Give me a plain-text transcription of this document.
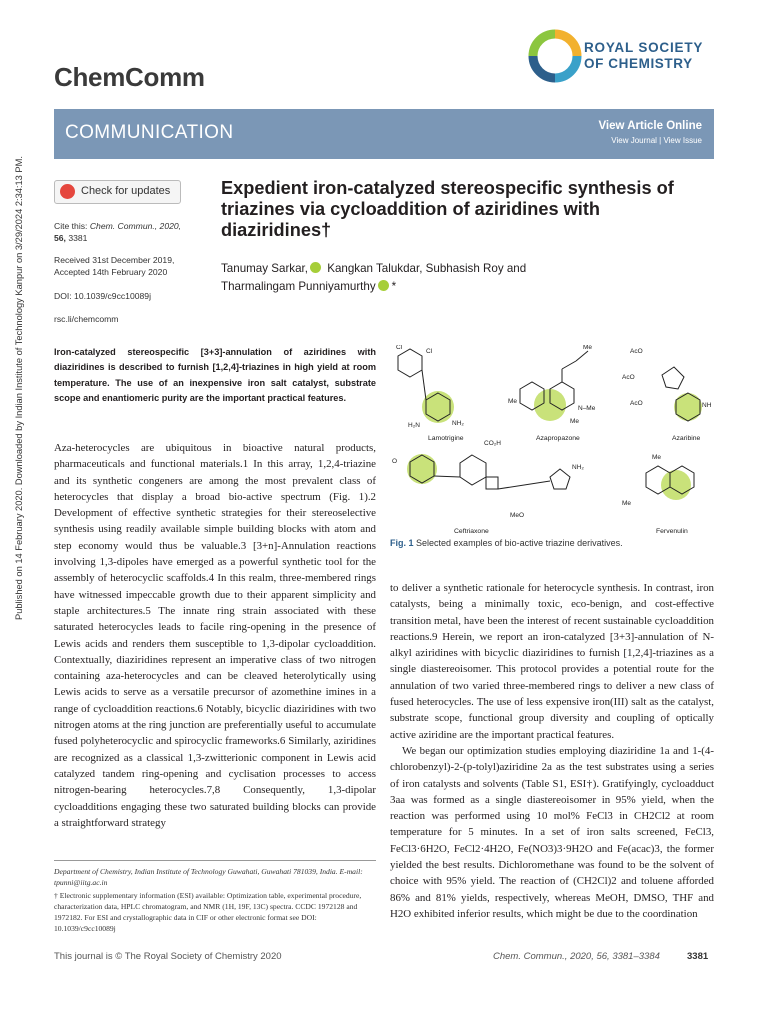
Published on 14 February 2020. Downloaded by Indian Institute of Technology Kanpur on 3/29/2024 2:34:13 PM.
ChemComm
ROYAL SOCIETY
OF CHEMISTRY
COMMUNICATION	View Article Online
View Journal | View Issue
Check for updates
Cite this: Chem. Commun., 2020,
56, 3381
Received 31st December 2019,
Accepted 14th February 2020
DOI: 10.1039/c9cc10089j
rsc.li/chemcomm
Expedient iron-catalyzed stereospecific synthesis of triazines via cycloaddition of aziridines with diaziridines†
Tanumay Sarkar, Kangkan Talukdar, Subhasish Roy and
Tharmalingam Punniyamurthy *
Iron-catalyzed stereospecific [3+3]-annulation of aziridines with diaziridines is described to furnish [1,2,4]-triazines in high yield at room temperature. The use of an inexpensive iron salt catalyst, substrate scope and enantiomeric purity are the important practical features.

Aza-heterocycles are ubiquitous in bioactive natural products, pharmaceuticals and functional materials.1 In this array, 1,2,4-triazine and its synthetic congeners are among the most prevalent class of heterocycles that display a broad bio-active spectrum (Fig. 1).2 Development of effective synthetic strategies for their stereoselective synthesis using readily available simple building blocks with atom and step economy would thus be valuable.3 [3+n]-Annulation reactions involving 1,3-dipoles have emerged as a powerful synthetic tool for the assembly of heterocyclic scaffolds.4 In this realm, three-membered rings have witnessed impeccable growth due to their apparent simplicity and staple architectures.5 The innate ring strain associated with these saturated heterocycles leads to facile ring-opening in the presence of Lewis acids and renders them susceptible to 1,3-dipolar cycloaddition. Contextually, diaziridines represent an imperative class of two nitrogen containing aza-heterocycles and can be cleaved heterolytically using Lewis acids to serve as a versatile precursor of azomethine imines in a range of cycloaddition reactions.6 Notably, bicyclic diaziridines with two nitrogen atoms at the ring junction are preferentially useful to accumulate fused polyheterocyclic and spirocyclic frameworks.6 Similarly, aziridines are recognized as a classical 1,3-zwitterionic component in Lewis acid catalyzed tandem ring-opening and cyclisation processes to access nitrogen-bearing heterocycles.7,8 Consequently, 1,3-dipolar cycloadditions engaging these two saturated building blocks can provide a straightforward strategy

to deliver a synthetic rationale for heterocycle synthesis. In contrast, iron catalysts, being a minimally toxic, eco-benign, and cost-effective transition metal, have been the interest of recent sustainable cycloaddition reactions.9 Herein, we report an iron-catalyzed [3+3]-annulation of N-alkyl aziridines with bicyclic diaziridines to furnish [1,2,4]-triazines as a single diastereoisomer. This protocol provides a potential route for the annulation of two varied three-membered rings to deliver a new class of fused heterocycles. The use of less expensive iron(III) salt as the catalyst, substrate scope, functional group diversity and coupling of optically active aziridine are the important practical features.

We began our optimization studies employing diaziridine 1a and 1-(4-chlorobenzyl)-2-(p-tolyl)aziridine 2a as the test substrates using a series of iron catalysts and solvents (Table S1, ESI†). Gratifyingly, cycloadduct 3aa was formed as a single diastereoisomer in 95% yield, when the reaction was performed using 10 mol% FeCl3 in CH2Cl2 at room temperature for 5 minutes. In a set of iron salts screened, FeCl3, FeCl3·6H2O, FeCl2·4H2O, Fe(NO3)3·9H2O and Fe(acac)3, the former yielded the best results. Dichloromethane was found to be the solvent of choice with 95% yield. The reaction of (CH2Cl)2 and toluene afforded 86% and 81% yields, respectively, whereas MeOH, DMSO, THF and H2O exhibited inferior results, which might be due to the coordination

Cl
Cl
H₂N	NH₂
Me
Me
N–Me
Me
AcO
AcO
AcO	NH
O
CO₂H
NH₂
MeO
Me
Me
Lamotrigine	Azapropazone	Azaribine
Ceftriaxone	Fervenulin
Fig. 1 Selected examples of bio-active triazine derivatives.
Department of Chemistry, Indian Institute of Technology Guwahati, Guwahati 781039, India. E-mail: tpunni@iitg.ac.in
† Electronic supplementary information (ESI) available: Optimization table, experimental procedure, characterization data, HPLC chromatogram, and NMR (1H, 19F, 13C) spectra. CCDC 1972128 and 1972182. For ESI and crystallographic data in CIF or other electronic format see DOI: 10.1039/c9cc10089j
This journal is © The Royal Society of Chemistry 2020	Chem. Commun., 2020, 56, 3381–3384	3381
